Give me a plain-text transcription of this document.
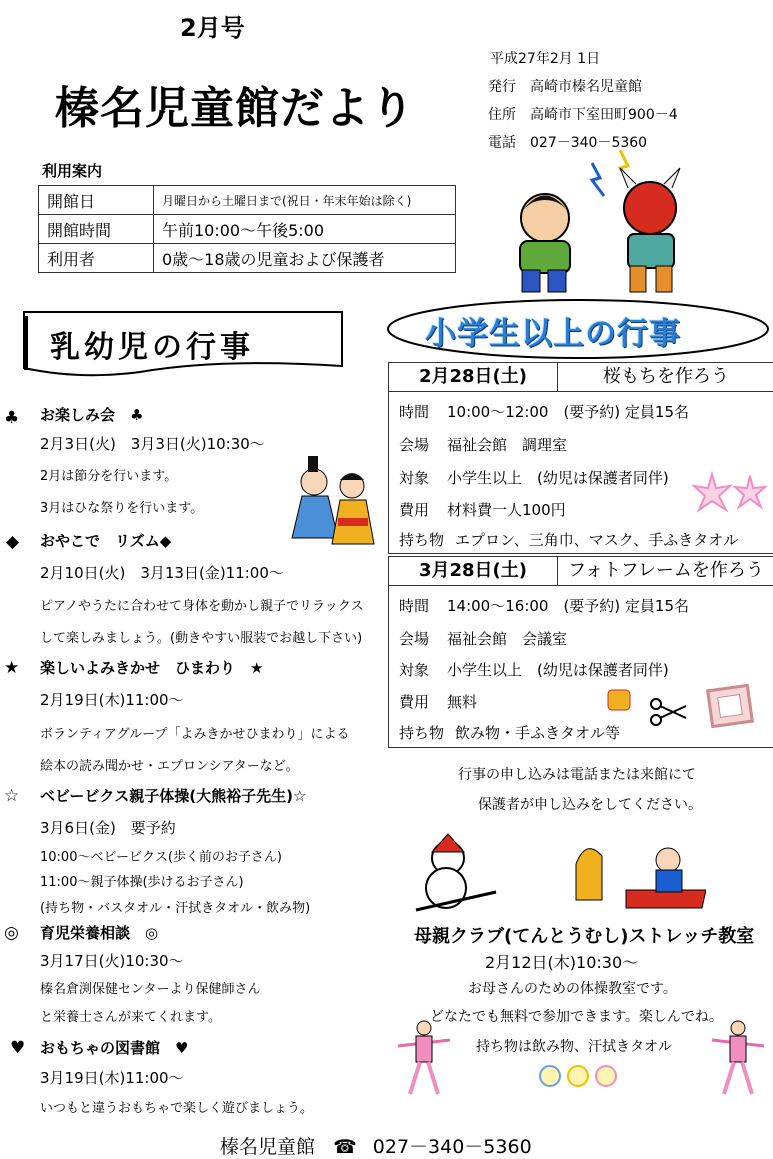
2月号
榛名児童館だより
平成27年2月 1日
発行 高崎市榛名児童館
住所 高崎市下室田町900－4
電話 027－340－5360
利用案内
開館日	月曜日から土曜日まで(祝日・年末年始は除く)
開館時間	午前10:00～午後5:00
利用者	0歳～18歳の児童および保護者
乳幼児の行事	小学生以上の行事
♣ お楽しみ会　♣
2月3日(火)　3月3日(火)10:30～
2月は節分を行います。
3月はひな祭りを行います。
◆ おやこで　リズム◆
2月10日(火)　3月13日(金)11:00～
ピアノやうたに合わせて身体を動かし親子でリラックス
して楽しみましょう。(動きやすい服装でお越し下さい)
★ 楽しいよみきかせ　ひまわり　★
2月19日(木)11:00～
ボランティアグループ「よみきかせひまわり」による
絵本の読み聞かせ・エプロンシアターなど。
☆ ベビービクス親子体操(大熊裕子先生)☆
3月6日(金)　要予約
10:00～ベビービクス(歩く前のお子さん)
11:00～親子体操(歩けるお子さん)
(持ち物・バスタオル・汗拭きタオル・飲み物)
◎ 育児栄養相談　◎
3月17日(火)10:30～
榛名倉渕保健センターより保健師さん
と栄養士さんが来てくれます。
♥ おもちゃの図書館　♥
3月19日(木)11:00～
いつもと違うおもちゃで楽しく遊びましょう。
2月28日(土)	桜もちを作ろう
時間 10:00～12:00　(要予約) 定員15名
会場 福祉会館　調理室
対象 小学生以上　(幼児は保護者同伴)
費用 材料費一人100円
持ち物 エプロン、三角巾、マスク、手ふきタオル
3月28日(土)	フォトフレームを作ろう
時間 14:00～16:00　(要予約) 定員15名
会場 福祉会館　会議室
対象 小学生以上　(幼児は保護者同伴)
費用 無料
持ち物 飲み物・手ふきタオル等
行事の申し込みは電話または来館にて
保護者が申し込みをしてください。
母親クラブ(てんとうむし)ストレッチ教室
2月12日(木)10:30～
お母さんのための体操教室です。
どなたでも無料で参加できます。楽しんでね。
持ち物は飲み物、汗拭きタオル
榛名児童館 ☎ 027－340－5360
